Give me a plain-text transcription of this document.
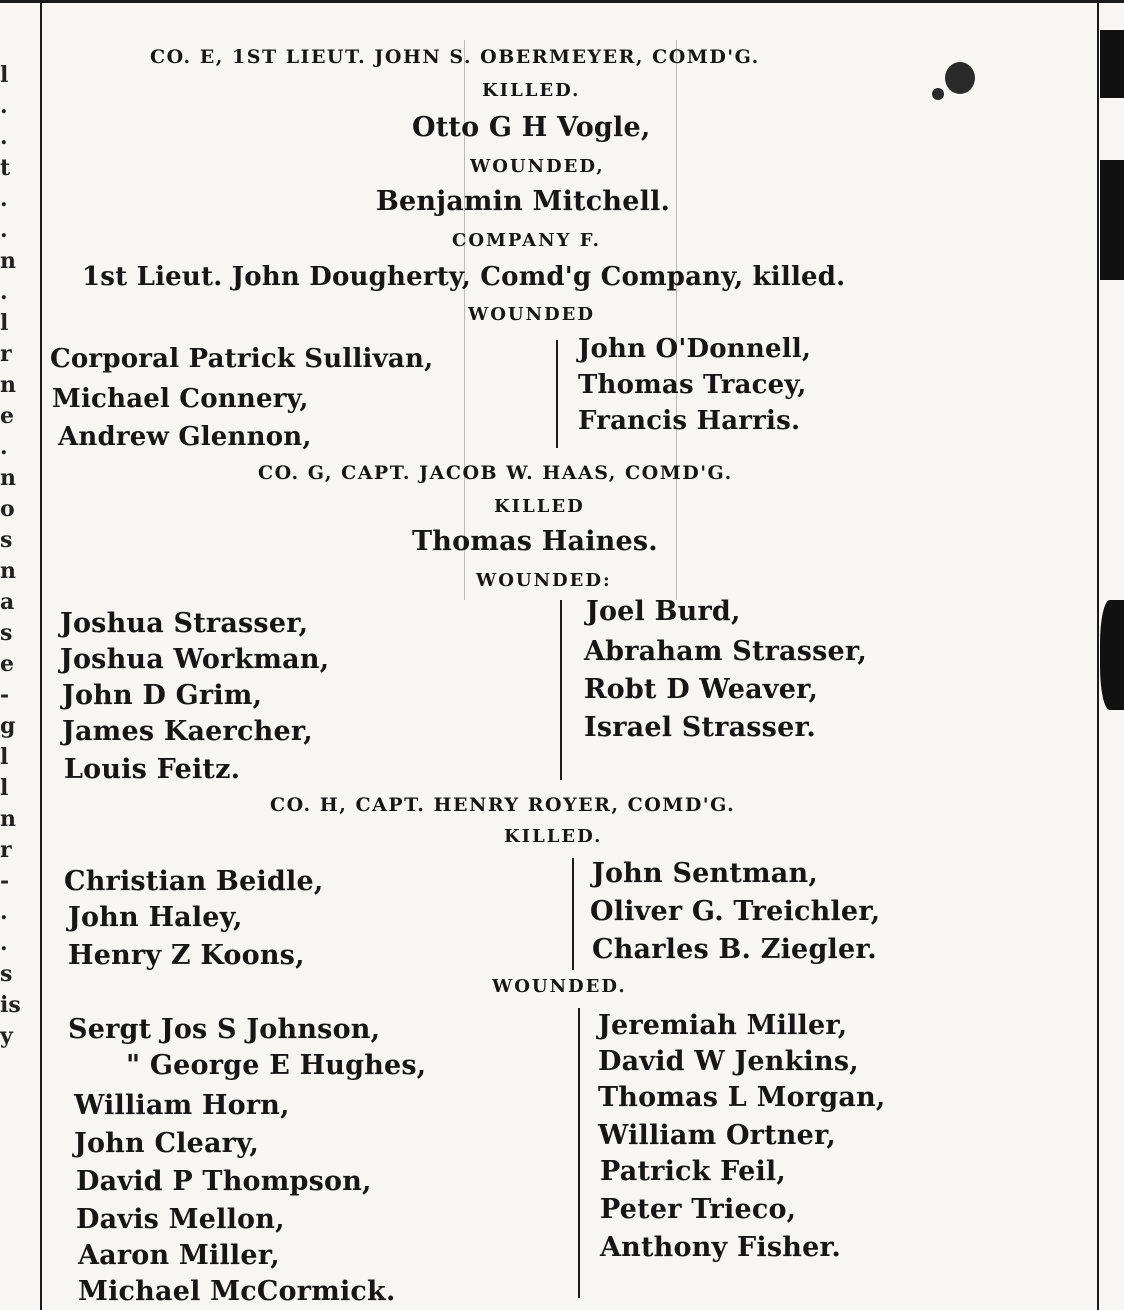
l
.
.
t
.
.
n
.
l
r
n
e
.
n
o
s
n
a
s
e
-
g
l
l
n
r
-
.
.
s
is
y
CO. E, 1ST LIEUT. JOHN S. OBERMEYER, COMD'G.
KILLED.
Otto G H Vogle,
WOUNDED,
Benjamin Mitchell.
COMPANY F.
1st Lieut. John Dougherty, Comd'g Company, killed.
WOUNDED
Corporal Patrick Sullivan,
Michael Connery,
Andrew Glennon,
John O'Donnell,
Thomas Tracey,
Francis Harris.
CO. G, CAPT. JACOB W. HAAS, COMD'G.
KILLED
Thomas Haines.
WOUNDED:
Joshua Strasser,
Joshua Workman,
John D Grim,
James Kaercher,
Louis Feitz.
Joel Burd,
Abraham Strasser,
Robt D Weaver,
Israel Strasser.
CO. H, CAPT. HENRY ROYER, COMD'G.
KILLED.
Christian Beidle,
John Haley,
Henry Z Koons,
John Sentman,
Oliver G. Treichler,
Charles B. Ziegler.
WOUNDED.
Sergt Jos S Johnson,
" George E Hughes,
William Horn,
John Cleary,
David P Thompson,
Davis Mellon,
Aaron Miller,
Michael McCormick.
Jeremiah Miller,
David W Jenkins,
Thomas L Morgan,
William Ortner,
Patrick Feil,
Peter Trieco,
Anthony Fisher.
